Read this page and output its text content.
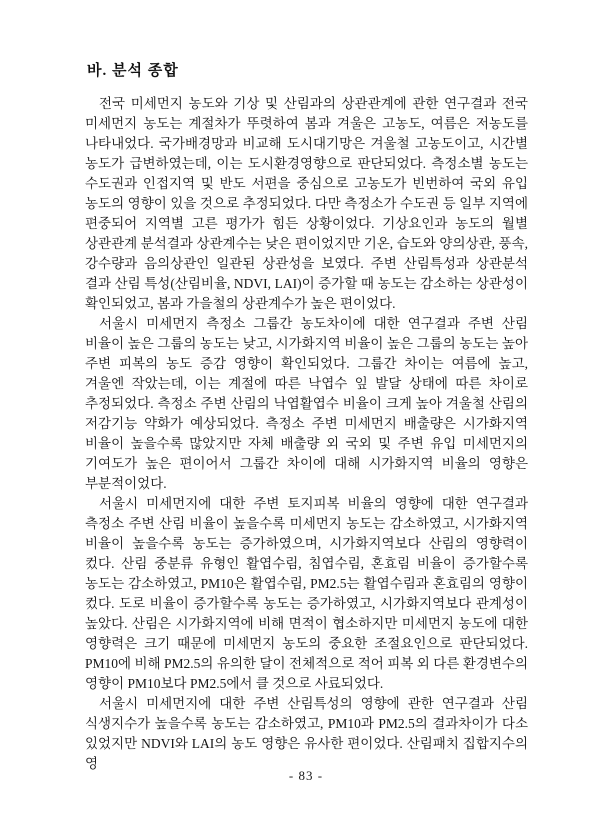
바. 분석 종합

전국 미세먼지 농도와 기상 및 산림과의 상관관계에 관한 연구결과 전국 미세먼지 농도는 계절차가 뚜렷하여 봄과 겨울은 고농도, 여름은 저농도를 나타내었다. 국가배경망과 비교해 도시대기망은 겨울철 고농도이고, 시간별 농도가 급변하였는데, 이는 도시환경영향으로 판단되었다. 측정소별 농도는 수도권과 인접지역 및 반도 서편을 중심으로 고농도가 빈번하여 국외 유입 농도의 영향이 있을 것으로 추정되었다. 다만 측정소가 수도권 등 일부 지역에 편중되어 지역별 고른 평가가 힘든 상황이었다. 기상요인과 농도의 월별 상관관계 분석결과 상관계수는 낮은 편이었지만 기온, 습도와 양의상관, 풍속, 강수량과 음의상관인 일관된 상관성을 보였다. 주변 산림특성과 상관분석 결과 산림 특성(산림비율, NDVI, LAI)이 증가할 때 농도는 감소하는 상관성이 확인되었고, 봄과 가을철의 상관계수가 높은 편이었다.

서울시 미세먼지 측정소 그룹간 농도차이에 대한 연구결과 주변 산림 비율이 높은 그룹의 농도는 낮고, 시가화지역 비율이 높은 그룹의 농도는 높아 주변 피복의 농도 증감 영향이 확인되었다. 그룹간 차이는 여름에 높고, 겨울엔 작았는데, 이는 계절에 따른 낙엽수 잎 발달 상태에 따른 차이로 추정되었다. 측정소 주변 산림의 낙엽활엽수 비율이 크게 높아 겨울철 산림의 저감기능 약화가 예상되었다. 측정소 주변 미세먼지 배출량은 시가화지역 비율이 높을수록 많았지만 자체 배출량 외 국외 및 주변 유입 미세먼지의 기여도가 높은 편이어서 그룹간 차이에 대해 시가화지역 비율의 영향은 부분적이었다.

서울시 미세먼지에 대한 주변 토지피복 비율의 영향에 대한 연구결과 측정소 주변 산림 비율이 높을수록 미세먼지 농도는 감소하였고, 시가화지역 비율이 높을수록 농도는 증가하였으며, 시가화지역보다 산림의 영향력이 컸다. 산림 중분류 유형인 활엽수림, 침엽수림, 혼효림 비율이 증가할수록 농도는 감소하였고, PM10은 활엽수림, PM2.5는 활엽수림과 혼효림의 영향이 컸다. 도로 비율이 증가할수록 농도는 증가하였고, 시가화지역보다 관계성이 높았다. 산림은 시가화지역에 비해 면적이 협소하지만 미세먼지 농도에 대한 영향력은 크기 때문에 미세먼지 농도의 중요한 조절요인으로 판단되었다. PM10에 비해 PM2.5의 유의한 달이 전체적으로 적어 피복 외 다른 환경변수의 영향이 PM10보다 PM2.5에서 클 것으로 사료되었다.

서울시 미세먼지에 대한 주변 산림특성의 영향에 관한 연구결과 산림 식생지수가 높을수록 농도는 감소하였고, PM10과 PM2.5의 결과차이가 다소 있었지만 NDVI와 LAI의 농도 영향은 유사한 편이었다. 산림패치 집합지수의 영

- 83 -
